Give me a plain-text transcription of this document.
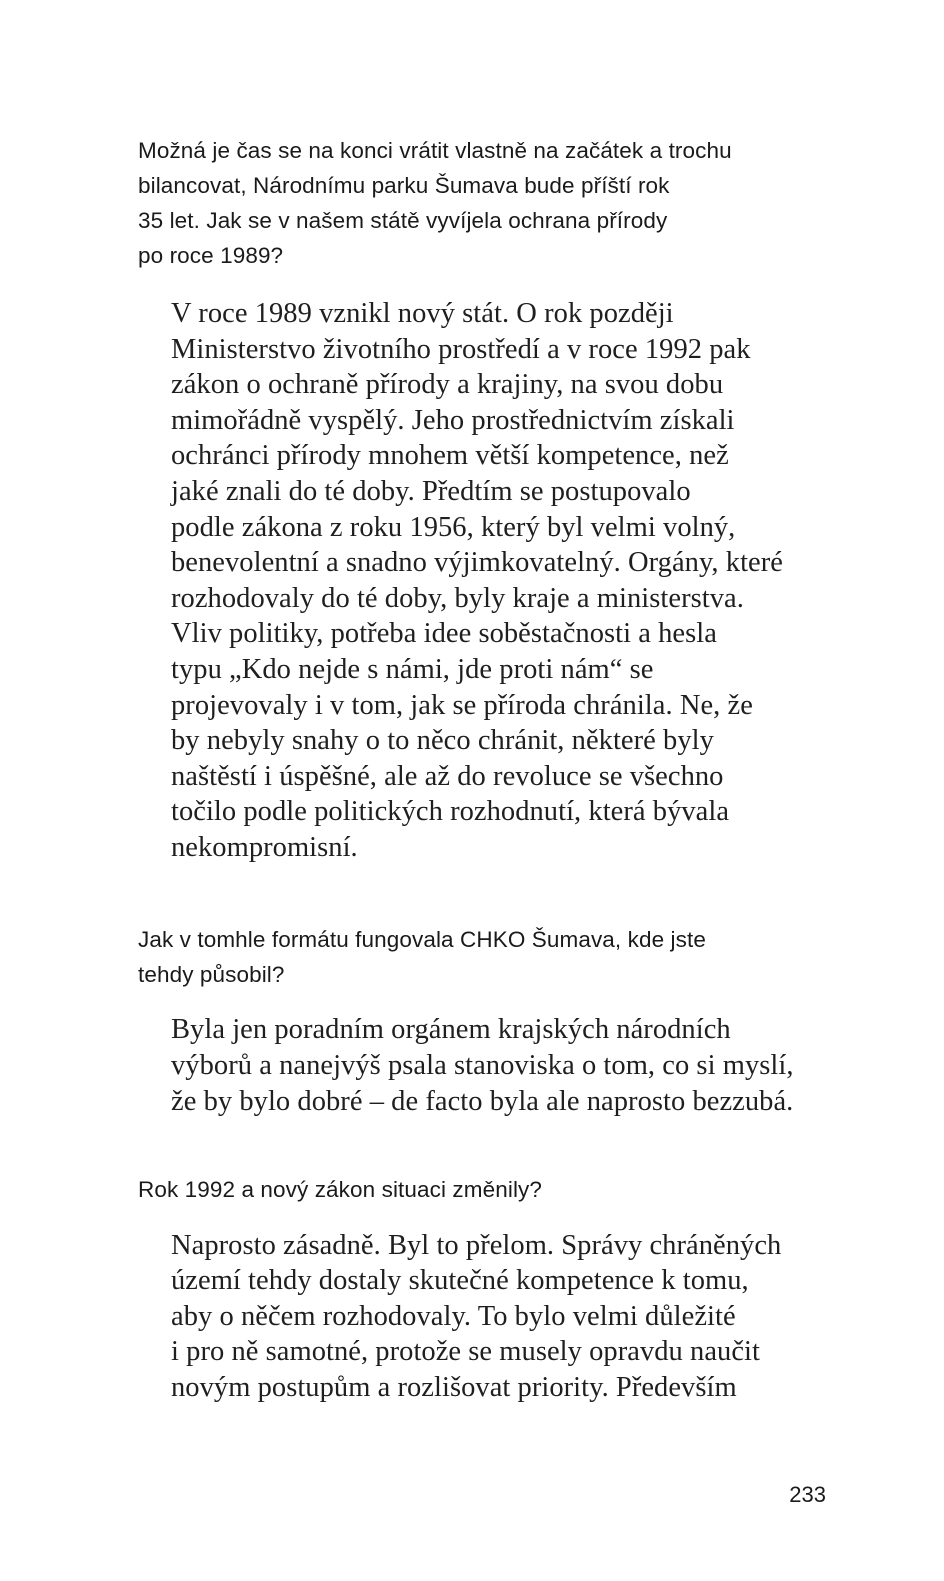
Možná je čas se na konci vrátit vlastně na začátek a trochu
bilancovat, Národnímu parku Šumava bude příští rok
35 let. Jak se v našem státě vyvíjela ochrana přírody
po roce 1989?
V roce 1989 vznikl nový stát. O rok později
Ministerstvo životního prostředí a v roce 1992 pak
zákon o ochraně přírody a krajiny, na svou dobu
mimořádně vyspělý. Jeho prostřednictvím získali
ochránci přírody mnohem větší kompetence, než
jaké znali do té doby. Předtím se postupovalo
podle zákona z roku 1956, který byl velmi volný,
benevolentní a snadno výjimkovatelný. Orgány, které
rozhodovaly do té doby, byly kraje a ministerstva.
Vliv politiky, potřeba idee soběstačnosti a hesla
typu „Kdo nejde s námi, jde proti nám“ se
projevovaly i v tom, jak se příroda chránila. Ne, že
by nebyly snahy o to něco chránit, některé byly
naštěstí i úspěšné, ale až do revoluce se všechno
točilo podle politických rozhodnutí, která bývala
nekompromisní.
Jak v tomhle formátu fungovala CHKO Šumava, kde jste
tehdy působil?
Byla jen poradním orgánem krajských národních
výborů a nanejvýš psala stanoviska o tom, co si myslí,
že by bylo dobré – de facto byla ale naprosto bezzubá.
Rok 1992 a nový zákon situaci změnily?
Naprosto zásadně. Byl to přelom. Správy chráněných
území tehdy dostaly skutečné kompetence k tomu,
aby o něčem rozhodovaly. To bylo velmi důležité
i pro ně samotné, protože se musely opravdu naučit
novým postupům a rozlišovat priority. Především
233
